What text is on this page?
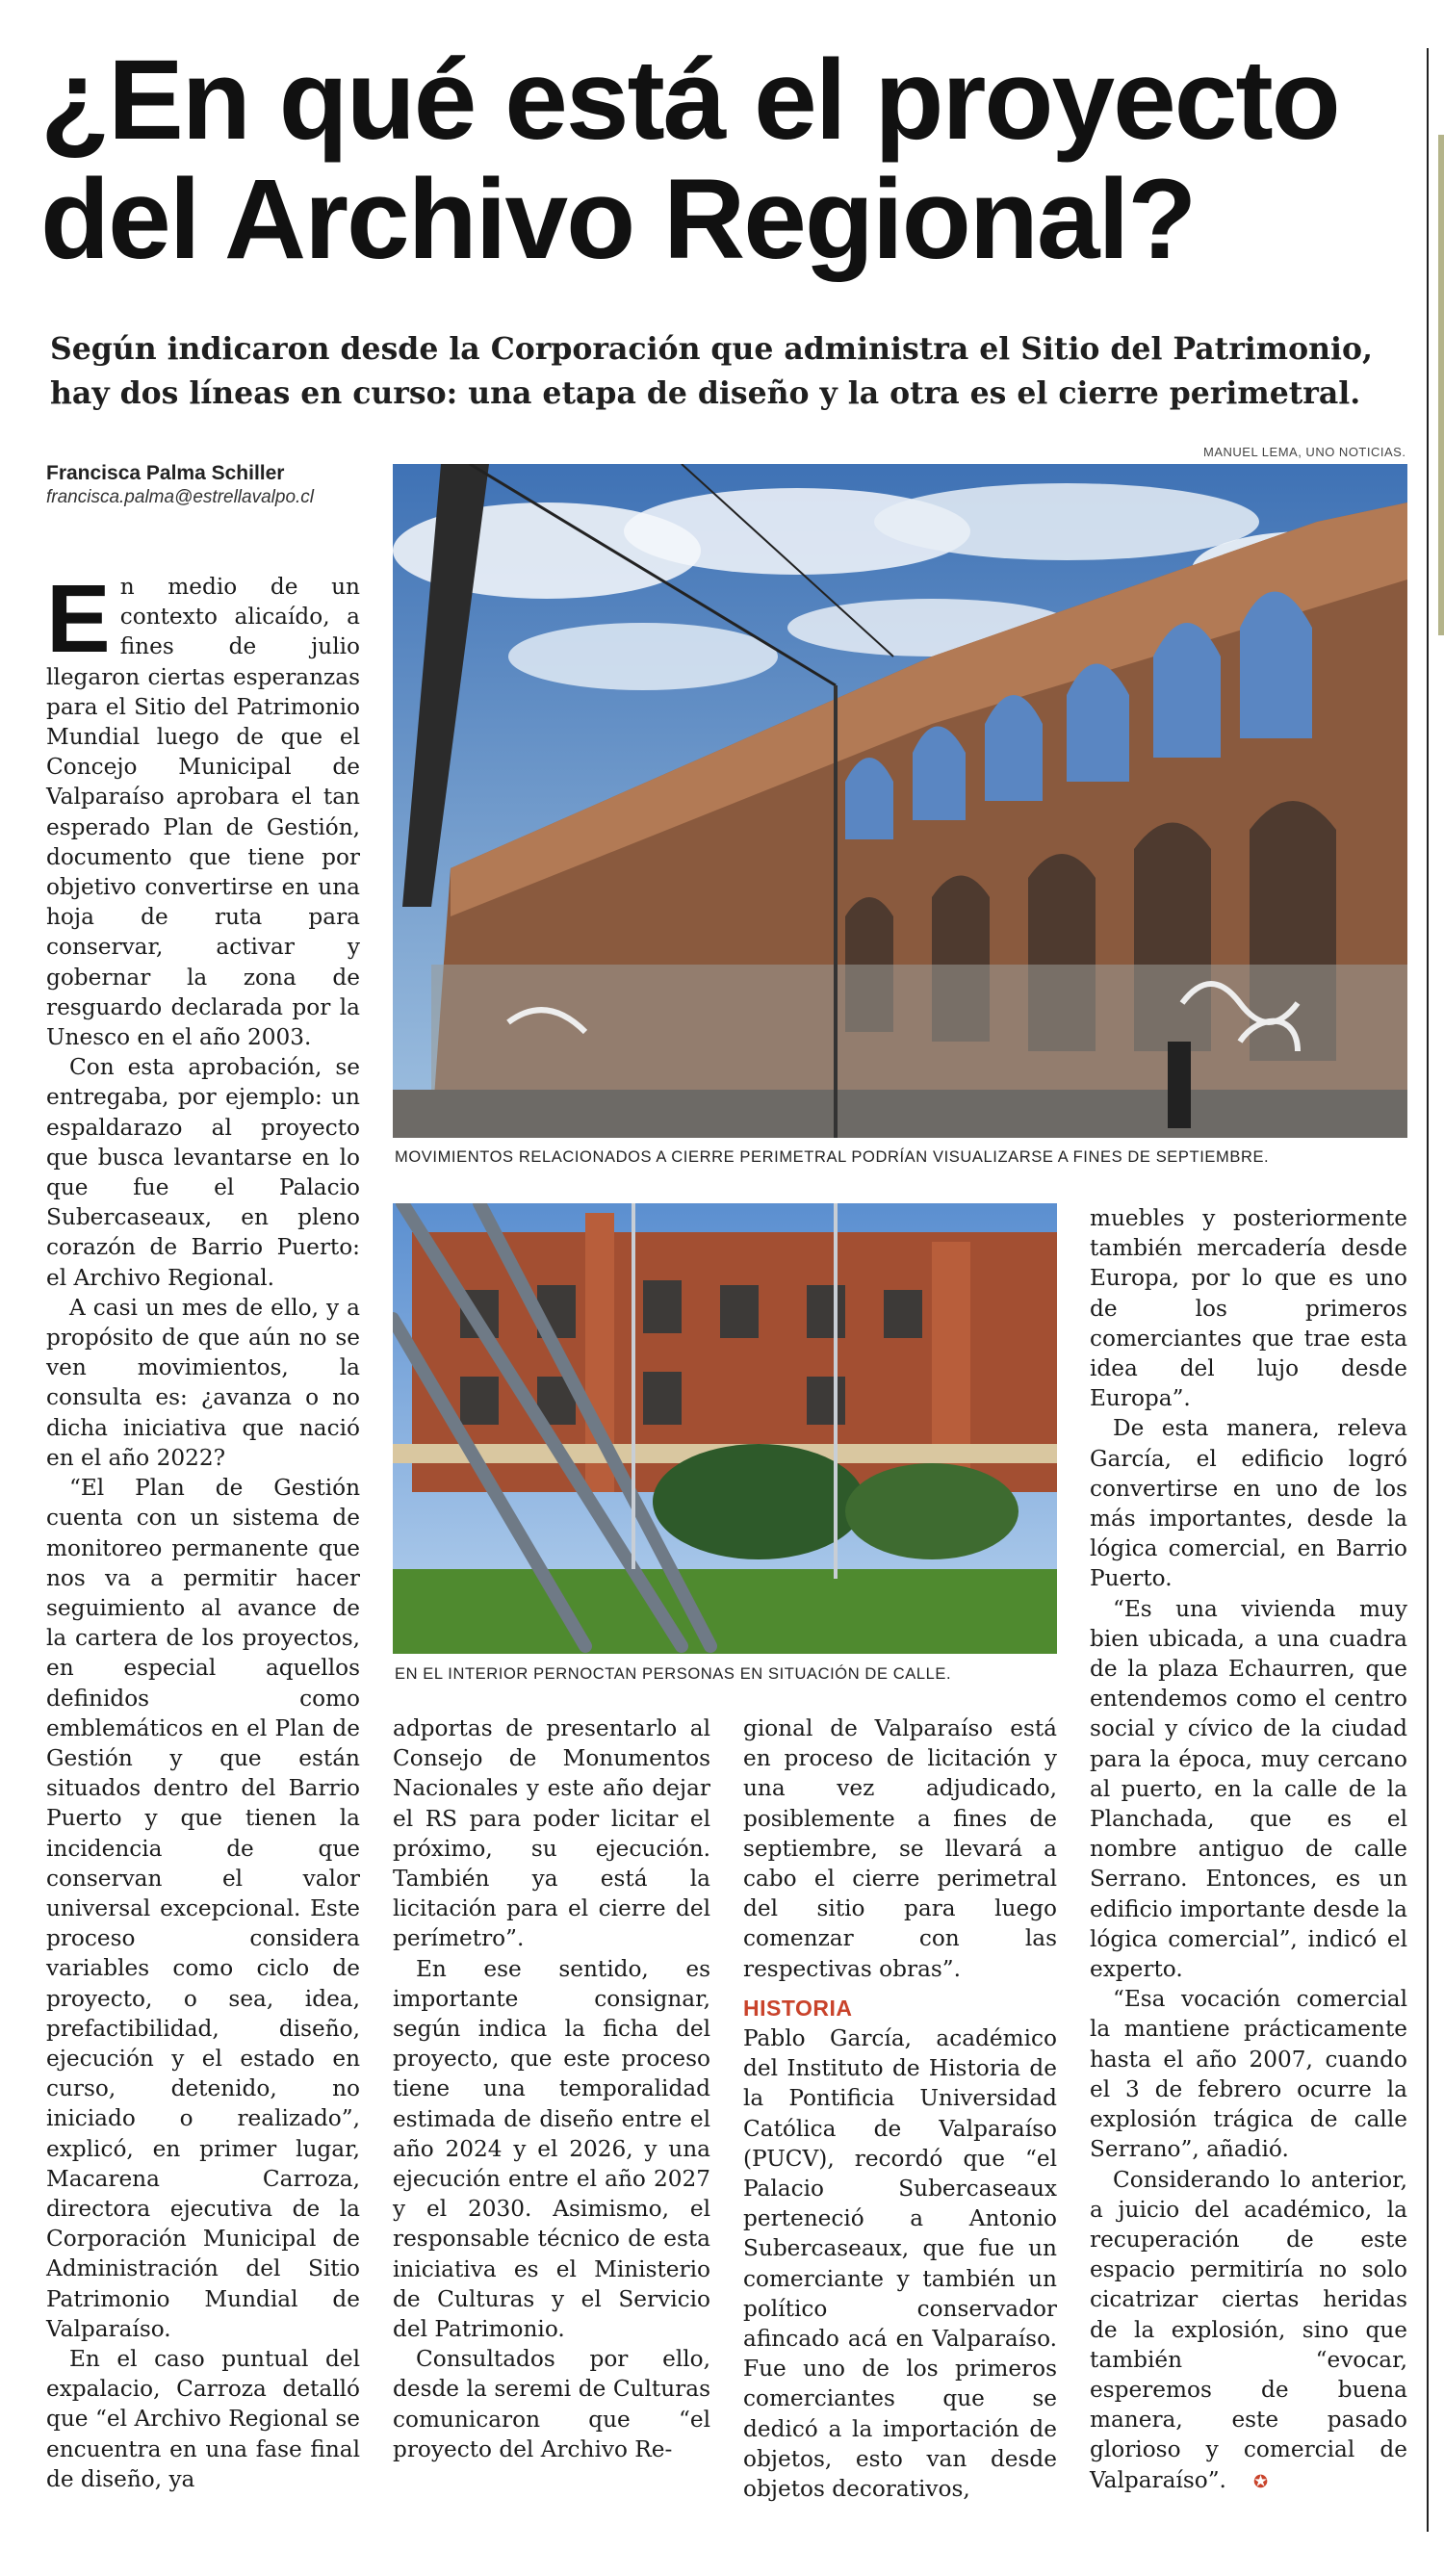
¿En qué está el proyecto
del Archivo Regional?
Según indicaron desde la Corporación que administra el Sitio del Patrimonio,
hay dos líneas en curso: una etapa de diseño y la otra es el cierre perimetral.
Francisca Palma Schiller
francisca.palma@estrellavalpo.cl
MANUEL LEMA, UNO NOTICIAS.
MOVIMIENTOS RELACIONADOS A CIERRE PERIMETRAL PODRÍAN VISUALIZARSE A FINES DE SEPTIEMBRE.
EN EL INTERIOR PERNOCTAN PERSONAS EN SITUACIÓN DE CALLE.

En medio de un contexto alicaído, a fines de julio llegaron ciertas esperanzas para el Sitio del Patrimonio Mundial luego de que el Concejo Municipal de Valparaíso aprobara el tan esperado Plan de Gestión, documento que tiene por objetivo convertirse en una hoja de ruta para conservar, activar y gobernar la zona de resguardo declarada por la Unesco en el año 2003.

Con esta aprobación, se entregaba, por ejemplo: un espaldarazo al proyecto que busca levantarse en lo que fue el Palacio Subercaseaux, en pleno corazón de Barrio Puerto: el Archivo Regional.

A casi un mes de ello, y a propósito de que aún no se ven movimientos, la consulta es: ¿avanza o no dicha iniciativa que nació en el año 2022?

“El Plan de Gestión cuenta con un sistema de monitoreo permanente que nos va a permitir hacer seguimiento al avance de la cartera de los proyectos, en especial aquellos definidos como emblemáticos en el Plan de Gestión y que están situados dentro del Barrio Puerto y que tienen la incidencia de que conservan el valor universal excepcional. Este proceso considera variables como ciclo de proyecto, o sea, idea, prefactibilidad, diseño, ejecución y el estado en curso, detenido, no iniciado o realizado”, explicó, en primer lugar, Macarena Carroza, directora ejecutiva de la Corporación Municipal de Administración del Sitio Patrimonio Mundial de Valparaíso.

En el caso puntual del expalacio, Carroza detalló que “el Archivo Regional se encuentra en una fase final de diseño, ya

adportas de presentarlo al Consejo de Monumentos Nacionales y este año dejar el RS para poder licitar el próximo, su ejecución. También ya está la licitación para el cierre del perímetro”.

En ese sentido, es importante consignar, según indica la ficha del proyecto, que este proceso tiene una temporalidad estimada de diseño entre el año 2024 y el 2026, y una ejecución entre el año 2027 y el 2030. Asimismo, el responsable técnico de esta iniciativa es el Ministerio de Culturas y el Servicio del Patrimonio.

Consultados por ello, desde la seremi de Culturas comunicaron que “el proyecto del Archivo Re-

gional de Valparaíso está en proceso de licitación y una vez adjudicado, posiblemente a fines de septiembre, se llevará a cabo el cierre perimetral del sitio para luego comenzar con las respectivas obras”.

HISTORIA

Pablo García, académico del Instituto de Historia de la Pontificia Universidad Católica de Valparaíso (PUCV), recordó que “el Palacio Subercaseaux perteneció a Antonio Subercaseaux, que fue un comerciante y también un político conservador afincado acá en Valparaíso. Fue uno de los primeros comerciantes que se dedicó a la importación de objetos, esto van desde objetos decorativos,

muebles y posteriormente también mercadería desde Europa, por lo que es uno de los primeros comerciantes que trae esta idea del lujo desde Europa”.

De esta manera, releva García, el edificio logró convertirse en uno de los más importantes, desde la lógica comercial, en Barrio Puerto.

“Es una vivienda muy bien ubicada, a una cuadra de la plaza Echaurren, que entendemos como el centro social y cívico de la ciudad para la época, muy cercano al puerto, en la calle de la Planchada, que es el nombre antiguo de calle Serrano. Entonces, es un edificio importante desde la lógica comercial”, indicó el experto.

“Esa vocación comercial la mantiene prácticamente hasta el año 2007, cuando el 3 de febrero ocurre la explosión trágica de calle Serrano”, añadió.

Considerando lo anterior, a juicio del académico, la recuperación de este espacio permitiría no solo cicatrizar ciertas heridas de la explosión, sino que también “evocar, esperemos de buena manera, este pasado glorioso y comercial de Valparaíso”. ✪
